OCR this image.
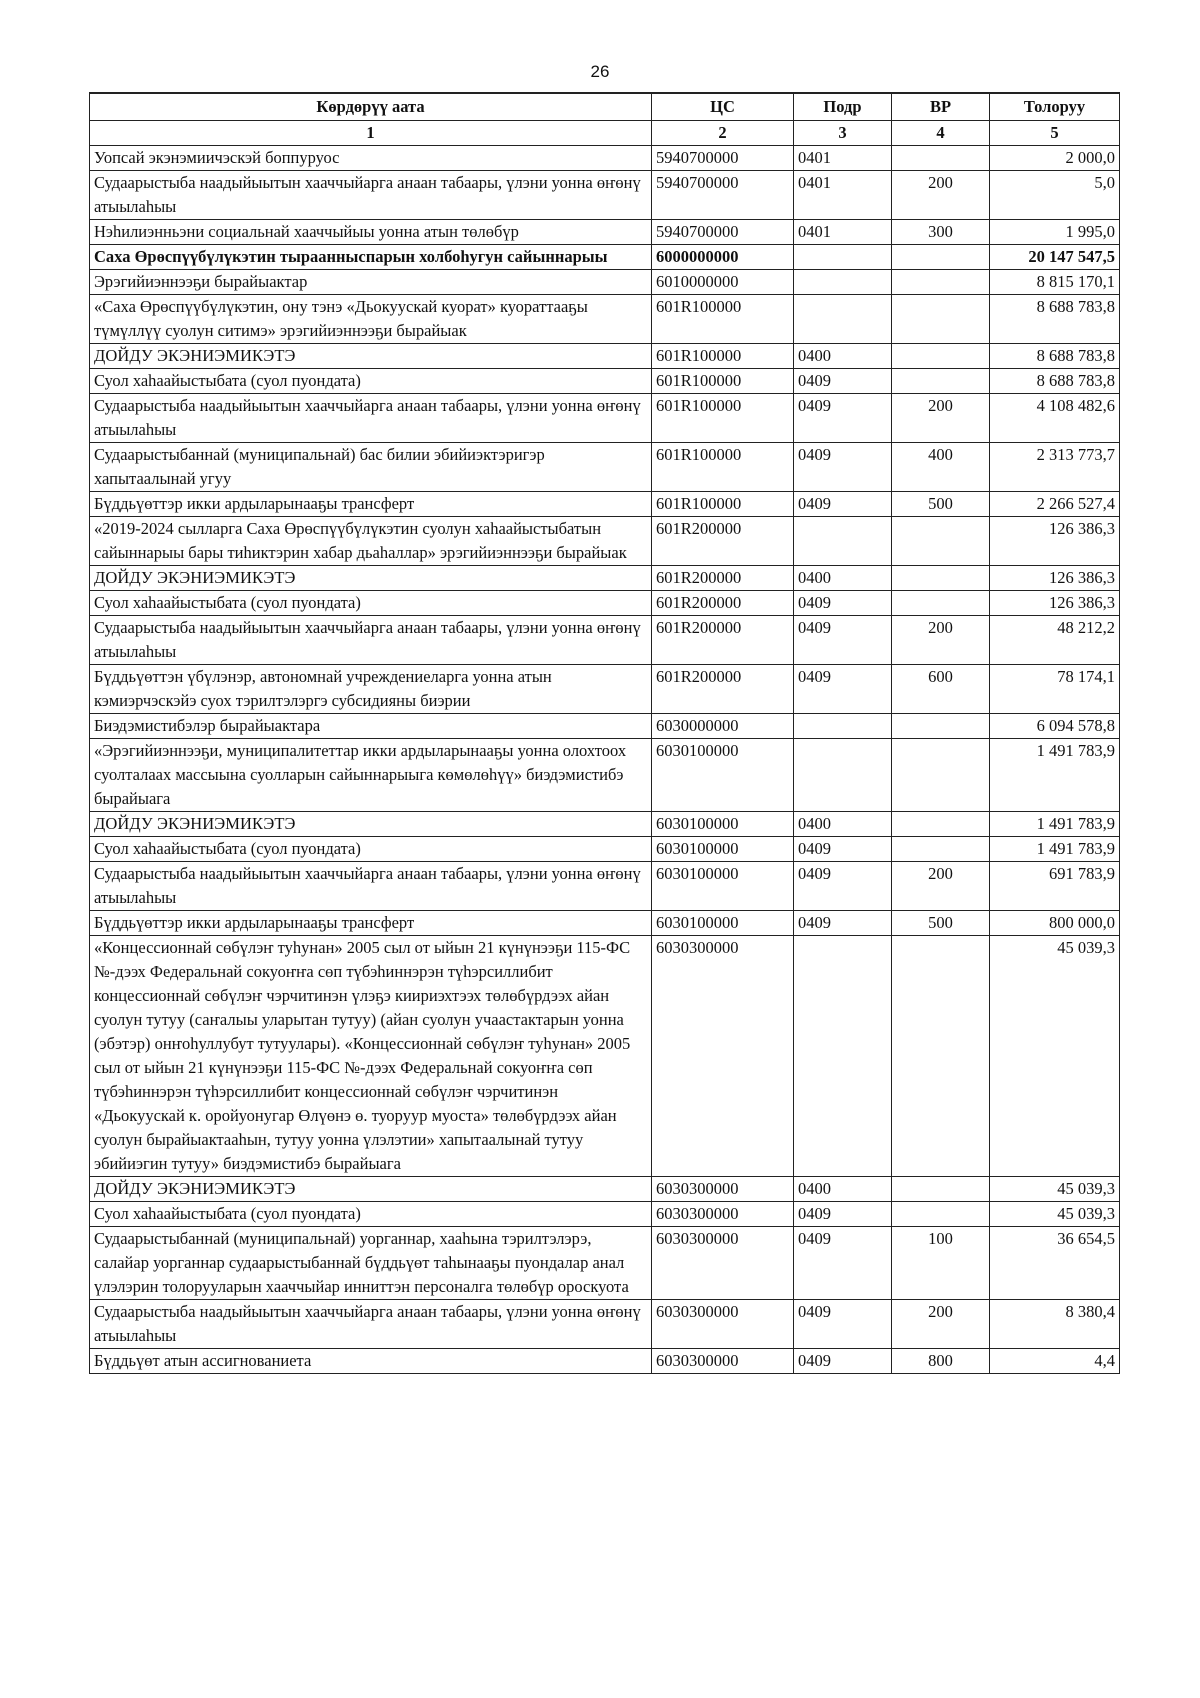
26
Көрдөрүү аата	ЦС	Подр	ВР	Толоруу
1	2	3	4	5
Уопсай экэнэмиичэскэй боппуруос	5940700000	0401		2 000,0
Судаарыстыба наадыйыытын хааччыйарга анаан табаары, үлэни уонна өҥөнү атыылаһыы	5940700000	0401	200	5,0
Нэһилиэнньэни социальнай хааччыйыы уонна атын төлөбүр	5940700000	0401	300	1 995,0
Саха Өрөспүүбүлүкэтин тыраанныспарын холбоһугун сайыннарыы	6000000000			20 147 547,5
Эрэгийиэннээҕи бырайыактар	6010000000			8 815 170,1
«Саха Өрөспүүбүлүкэтин, ону тэнэ «Дьокуускай куорат» куораттааҕы түмүллүү суолун ситимэ» эрэгийиэннээҕи бырайыак	601R100000			8 688 783,8
ДОЙДУ ЭКЭНИЭМИКЭТЭ	601R100000	0400		8 688 783,8
Суол хаһаайыстыбата (суол пуондата)	601R100000	0409		8 688 783,8
Судаарыстыба наадыйыытын хааччыйарга анаан табаары, үлэни уонна өҥөнү атыылаһыы	601R100000	0409	200	4 108 482,6
Судаарыстыбаннай (муниципальнай) бас билии эбийиэктэригэр хапытаалынай угуу	601R100000	0409	400	2 313 773,7
Бүддьүөттэр икки ардыларынааҕы трансферт	601R100000	0409	500	2 266 527,4
«2019-2024 сылларга Саха Өрөспүүбүлүкэтин суолун хаһаайыстыбатын сайыннарыы бары тиһиктэрин хабар дьаһаллар» эрэгийиэннээҕи бырайыак	601R200000			126 386,3
ДОЙДУ ЭКЭНИЭМИКЭТЭ	601R200000	0400		126 386,3
Суол хаһаайыстыбата (суол пуондата)	601R200000	0409		126 386,3
Судаарыстыба наадыйыытын хааччыйарга анаан табаары, үлэни уонна өҥөнү атыылаһыы	601R200000	0409	200	48 212,2
Бүддьүөттэн үбүлэнэр, автономнай учреждениеларга уонна атын кэмиэрчэскэйэ суох тэрилтэлэргэ субсидияны биэрии	601R200000	0409	600	78 174,1
Биэдэмистибэлэр бырайыактара	6030000000			6 094 578,8
«Эрэгийиэннээҕи, муниципалитеттар икки ардыларынааҕы уонна олохтоох суолталаах массыына суолларын сайыннарыыга көмөлөһүү» биэдэмистибэ бырайыага	6030100000			1 491 783,9
ДОЙДУ ЭКЭНИЭМИКЭТЭ	6030100000	0400		1 491 783,9
Суол хаһаайыстыбата (суол пуондата)	6030100000	0409		1 491 783,9
Судаарыстыба наадыйыытын хааччыйарга анаан табаары, үлэни уонна өҥөнү атыылаһыы	6030100000	0409	200	691 783,9
Бүддьүөттэр икки ардыларынааҕы трансферт	6030100000	0409	500	800 000,0
«Концессионнай сөбүлэҥ туһунан» 2005 сыл от ыйын 21 күнүнээҕи 115-ФС №-дээх Федеральнай сокуоҥҥа сөп түбэһиннэрэн түһэрсиллибит концессионнай сөбүлэҥ чэрчитинэн үлэҕэ киириэхтээх төлөбүрдээх айан суолун тутуу (саҥалыы уларытан тутуу) (айан суолун учаастактарын уонна (эбэтэр) онҥоһуллубут тутуулары). «Концессионнай сөбүлэҥ туһунан» 2005 сыл от ыйын 21 күнүнээҕи 115-ФС №-дээх Федеральнай сокуоҥҥа сөп түбэһиннэрэн түһэрсиллибит концессионнай сөбүлэҥ чэрчитинэн «Дьокуускай к. оройуонугар Өлүөнэ ө. туоруур муоста» төлөбүрдээх айан суолун бырайыактааһын, тутуу уонна үлэлэтии» хапытаалынай тутуу эбийиэгин тутуу» биэдэмистибэ бырайыага	6030300000			45 039,3
ДОЙДУ ЭКЭНИЭМИКЭТЭ	6030300000	0400		45 039,3
Суол хаһаайыстыбата (суол пуондата)	6030300000	0409		45 039,3
Судаарыстыбаннай (муниципальнай) уорганнар, хааһына тэрилтэлэрэ, салайар уорганнар судаарыстыбаннай бүддьүөт таһынааҕы пуондалар анал үлэлэрин толорууларын хааччыйар инниттэн персоналга төлөбүр ороскуота	6030300000	0409	100	36 654,5
Судаарыстыба наадыйыытын хааччыйарга анаан табаары, үлэни уонна өҥөнү атыылаһыы	6030300000	0409	200	8 380,4
Бүддьүөт атын ассигнованиета	6030300000	0409	800	4,4
